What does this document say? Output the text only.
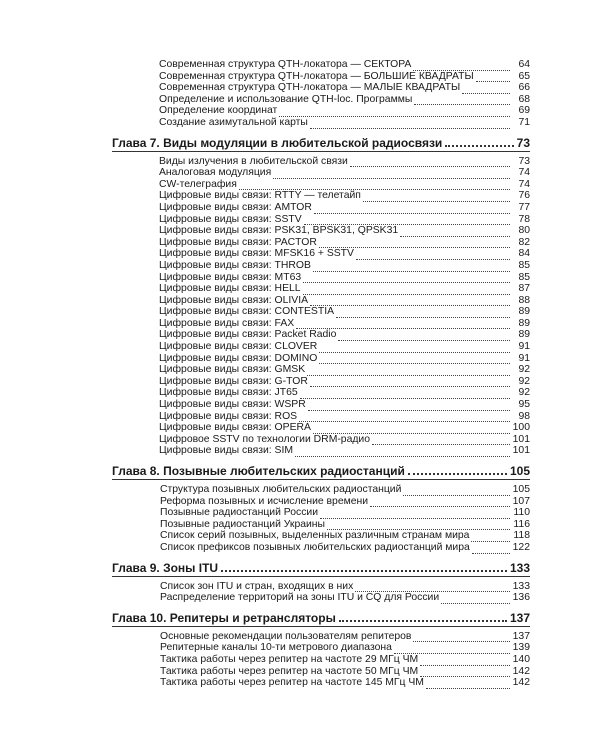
Современная структура QTH-локатора — СЕКТОРА	64
Современная структура QTH-локатора — БОЛЬШИЕ КВАДРАТЫ	65
Современная структура QTH-локатора — МАЛЫЕ КВАДРАТЫ	66
Определение и использование QTH-loc. Программы	68
Определение координат	69
Создание азимутальной карты	71
Глава 7. Виды модуляции в любительской радиосвязи	73
Виды излучения в любительской связи	73
Аналоговая модуляция	74
CW-телеграфия	74
Цифровые виды связи: RTTY — телетайп	76
Цифровые виды связи: AMTOR	77
Цифровые виды связи: SSTV	78
Цифровые виды связи: PSK31, BPSK31, QPSK31	80
Цифровые виды связи: PACTOR	82
Цифровые виды связи: MFSK16 + SSTV	84
Цифровые виды связи: THROB	85
Цифровые виды связи: MT63	85
Цифровые виды связи: HELL	87
Цифровые виды связи: OLIVIA	88
Цифровые виды связи: CONTESTIA	89
Цифровые виды связи: FAX	89
Цифровые виды связи: Packet Radio	89
Цифровые виды связи: CLOVER	91
Цифровые виды связи: DOMINO	91
Цифровые виды связи: GMSK	92
Цифровые виды связи: G-TOR	92
Цифровые виды связи: JT65	92
Цифровые виды связи: WSPR	95
Цифровые виды связи: ROS	98
Цифровые виды связи: OPERA	100
Цифровое SSTV по технологии DRM-радио	101
Цифровые виды связи: SIM	101
Глава 8. Позывные любительских радиостанций	105
Структура позывных любительских радиостанций	105
Реформа позывных и исчисление времени	107
Позывные радиостанций России	110
Позывные радиостанций Украины	116
Список серий позывных, выделенных различным странам мира	118
Список префиксов позывных любительских радиостанций мира	122
Глава 9. Зоны ITU	133
Список зон ITU и стран, входящих в них	133
Распределение территорий на зоны ITU и CQ для России	136
Глава 10. Репитеры и ретрансляторы	137
Основные рекомендации пользователям репитеров	137
Репитерные каналы 10-ти метрового диапазона	139
Тактика работы через репитер на частоте 29 МГц ЧМ	140
Тактика работы через репитер на частоте 50 МГц ЧМ	142
Тактика работы через репитер на частоте 145 МГц ЧМ	142
